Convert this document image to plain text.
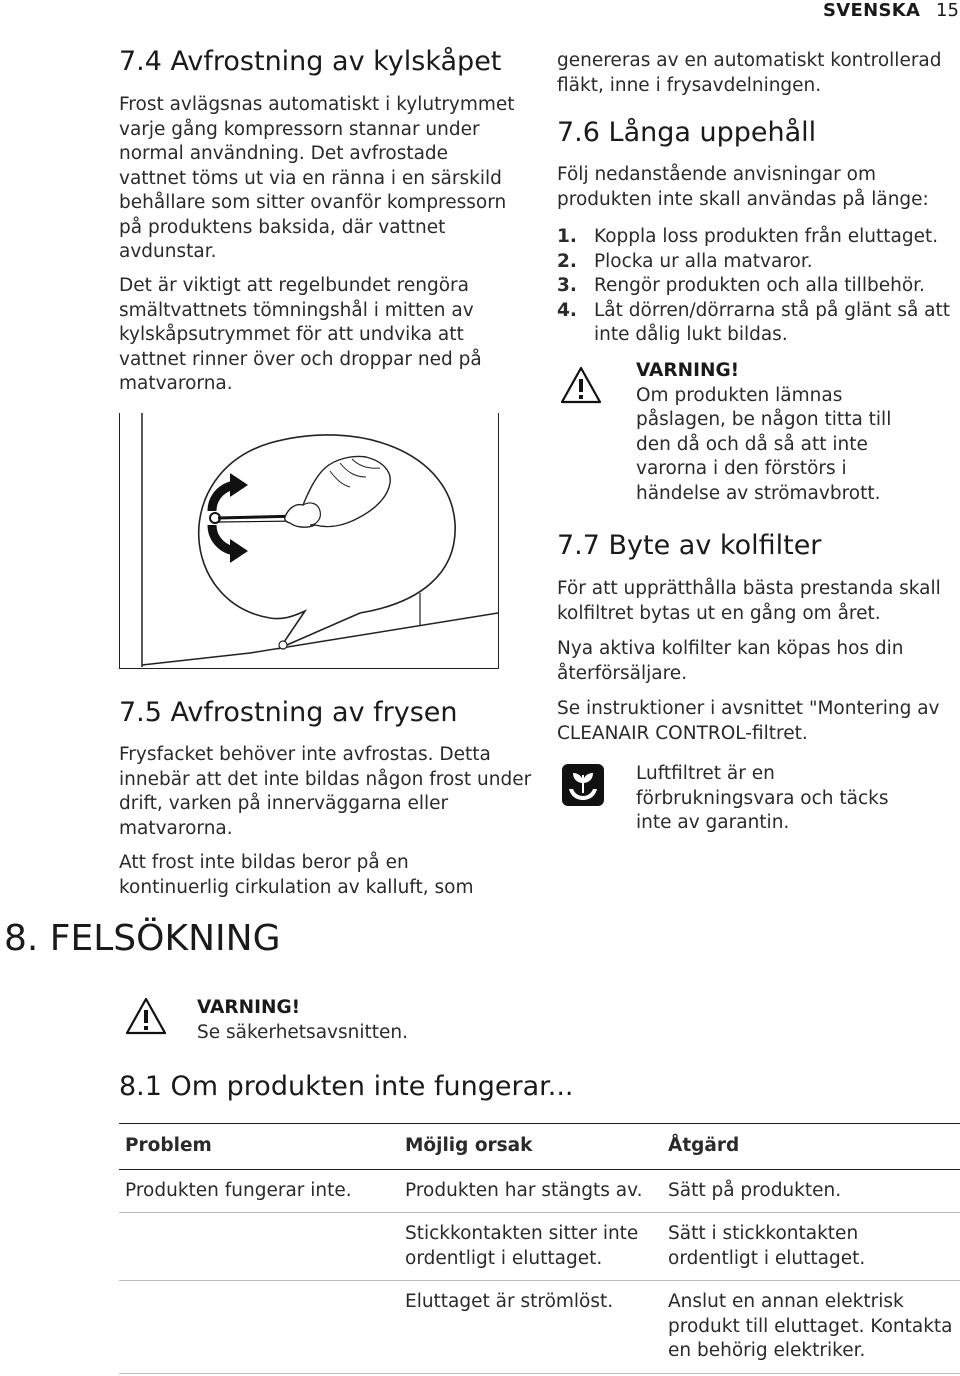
SVENSKA 15
7.4 Avfrostning av kylskåpet

Frost avlägsnas automatiskt i kylutrymmet varje gång kompressorn stannar under normal användning. Det avfrostade vattnet töms ut via en ränna i en särskild behållare som sitter ovanför kompressorn på produktens baksida, där vattnet avdunstar.

Det är viktigt att regelbundet rengöra smältvattnets tömningshål i mitten av kylskåpsutrymmet för att undvika att vattnet rinner över och droppar ned på matvarorna.

7.5 Avfrostning av frysen

Frysfacket behöver inte avfrostas. Detta innebär att det inte bildas någon frost under drift, varken på innerväggarna eller matvarorna.

Att frost inte bildas beror på en kontinuerlig cirkulation av kalluft, som

genereras av en automatiskt kontrollerad fläkt, inne i frysavdelningen.

7.6 Långa uppehåll

Följ nedanstående anvisningar om produkten inte skall användas på länge:

1. Koppla loss produkten från eluttaget.
2. Plocka ur alla matvaror.
3. Rengör produkten och alla tillbehör.
4. Låt dörren/dörrarna stå på glänt så att inte dålig lukt bildas.
VARNING!

Om produkten lämnas påslagen, be någon titta till den då och då så att inte varorna i den förstörs i händelse av strömavbrott.

7.7 Byte av kolfilter

För att upprätthålla bästa prestanda skall kolfiltret bytas ut en gång om året.

Nya aktiva kolfilter kan köpas hos din återförsäljare.

Se instruktioner i avsnittet "Montering av CLEANAIR CONTROL-filtret.

Luftfiltret är en förbrukningsvara och täcks inte av garantin.

8. FELSÖKNING
VARNING!

Se säkerhetsavsnitten.

8.1 Om produkten inte fungerar...
Problem	Möjlig orsak	Åtgärd
Produkten fungerar inte.	Produkten har stängts av.	Sätt på produkten.
	Stickkontakten sitter inte ordentligt i eluttaget.	Sätt i stickkontakten ordentligt i eluttaget.
	Eluttaget är strömlöst.	Anslut en annan elektrisk produkt till eluttaget. Kontakta en behörig elektriker.
